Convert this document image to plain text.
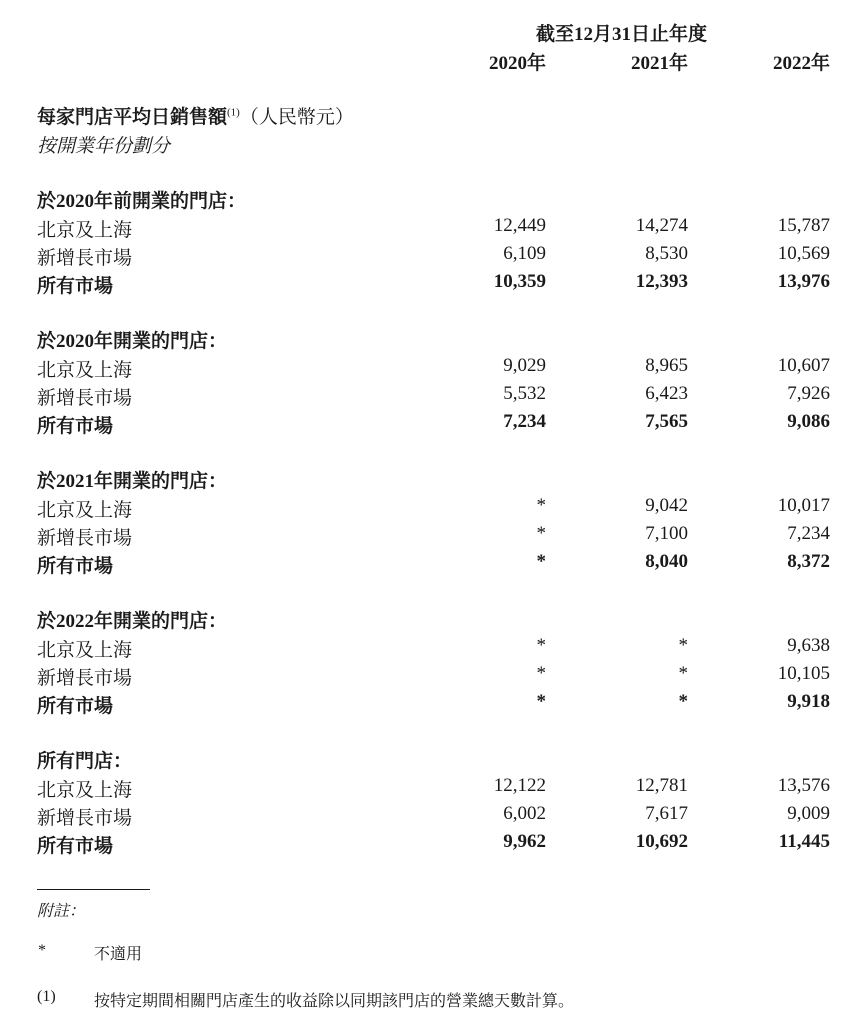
截至12月31日止年度
2020年	2021年	2022年
每家門店平均日銷售額$^{(1)}$（人民幣元）
按開業年份劃分
於2020年前開業的門店：
北京及上海	12,449	14,274	15,787
新增長市場	6,109	8,530	10,569
所有市場	10,359	12,393	13,976
於2020年開業的門店：
北京及上海	9,029	8,965	10,607
新增長市場	5,532	6,423	7,926
所有市場	7,234	7,565	9,086
於2021年開業的門店：
北京及上海	*	9,042	10,017
新增長市場	*	7,100	7,234
所有市場	*	8,040	8,372
於2022年開業的門店：
北京及上海	*	*	9,638
新增長市場	*	*	10,105
所有市場	*	*	9,918
所有門店：
北京及上海	12,122	12,781	13,576
新增長市場	6,002	7,617	9,009
所有市場	9,962	10,692	11,445
附註：
*	不適用
(1) 按特定期間相關門店產生的收益除以同期該門店的營業總天數計算。
